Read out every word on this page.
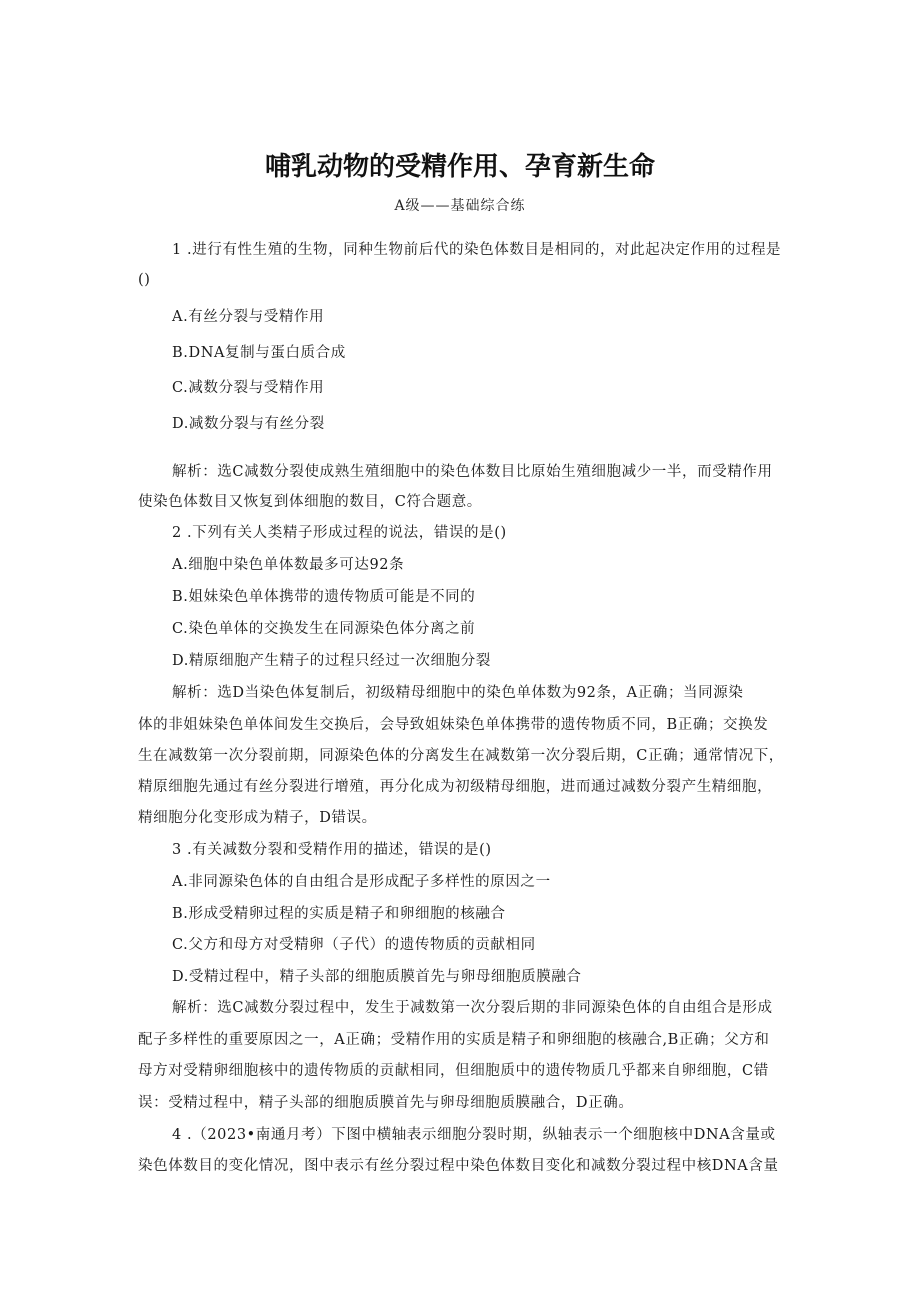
哺乳动物的受精作用、孕育新生命
A级——基础综合练
1 .进行有性生殖的生物，同种生物前后代的染色体数目是相同的，对此起决定作用的过程是
()
A.有丝分裂与受精作用
B.DNA复制与蛋白质合成
C.减数分裂与受精作用
D.减数分裂与有丝分裂
解析：选C减数分裂使成熟生殖细胞中的染色体数目比原始生殖细胞减少一半，而受精作用
使染色体数目又恢复到体细胞的数目，C符合题意。
2 .下列有关人类精子形成过程的说法，错误的是()
A.细胞中染色单体数最多可达92条
B.姐妹染色单体携带的遗传物质可能是不同的
C.染色单体的交换发生在同源染色体分离之前
D.精原细胞产生精子的过程只经过一次细胞分裂
解析：选D当染色体复制后，初级精母细胞中的染色单体数为92条，A正确；当同源染
体的非姐妹染色单体间发生交换后，会导致姐妹染色单体携带的遗传物质不同，B正确；交换发
生在减数第一次分裂前期，同源染色体的分离发生在减数第一次分裂后期，C正确；通常情况下，
精原细胞先通过有丝分裂进行增殖，再分化成为初级精母细胞，进而通过减数分裂产生精细胞，
精细胞分化变形成为精子，D错误。
3 .有关减数分裂和受精作用的描述，错误的是()
A.非同源染色体的自由组合是形成配子多样性的原因之一
B.形成受精卵过程的实质是精子和卵细胞的核融合
C.父方和母方对受精卵（子代）的遗传物质的贡献相同
D.受精过程中，精子头部的细胞质膜首先与卵母细胞质膜融合
解析：选C减数分裂过程中，发生于减数第一次分裂后期的非同源染色体的自由组合是形成
配子多样性的重要原因之一，A正确；受精作用的实质是精子和卵细胞的核融合,B正确；父方和
母方对受精卵细胞核中的遗传物质的贡献相同，但细胞质中的遗传物质几乎都来自卵细胞，C错
误：受精过程中，精子头部的细胞质膜首先与卵母细胞质膜融合，D正确。
4 .（2023•南通月考）下图中横轴表示细胞分裂时期，纵轴表示一个细胞核中DNA含量或
染色体数目的变化情况，图中表示有丝分裂过程中染色体数目变化和减数分裂过程中核DNA含量
